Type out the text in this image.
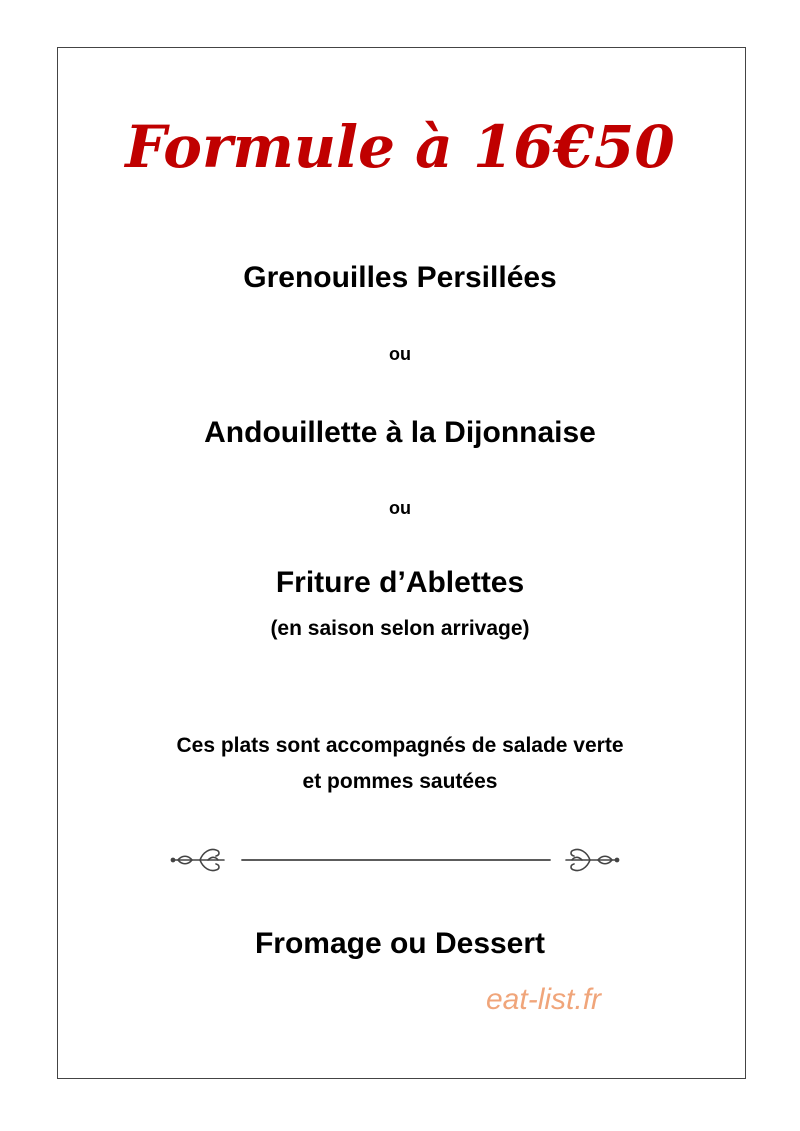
Formule à 16€50
Grenouilles Persillées
ou
Andouillette à la Dijonnaise
ou
Friture d’Ablettes
(en saison selon arrivage)
Ces plats sont accompagnés de salade verte
et pommes sautées
Fromage ou Dessert
eat-list.fr
